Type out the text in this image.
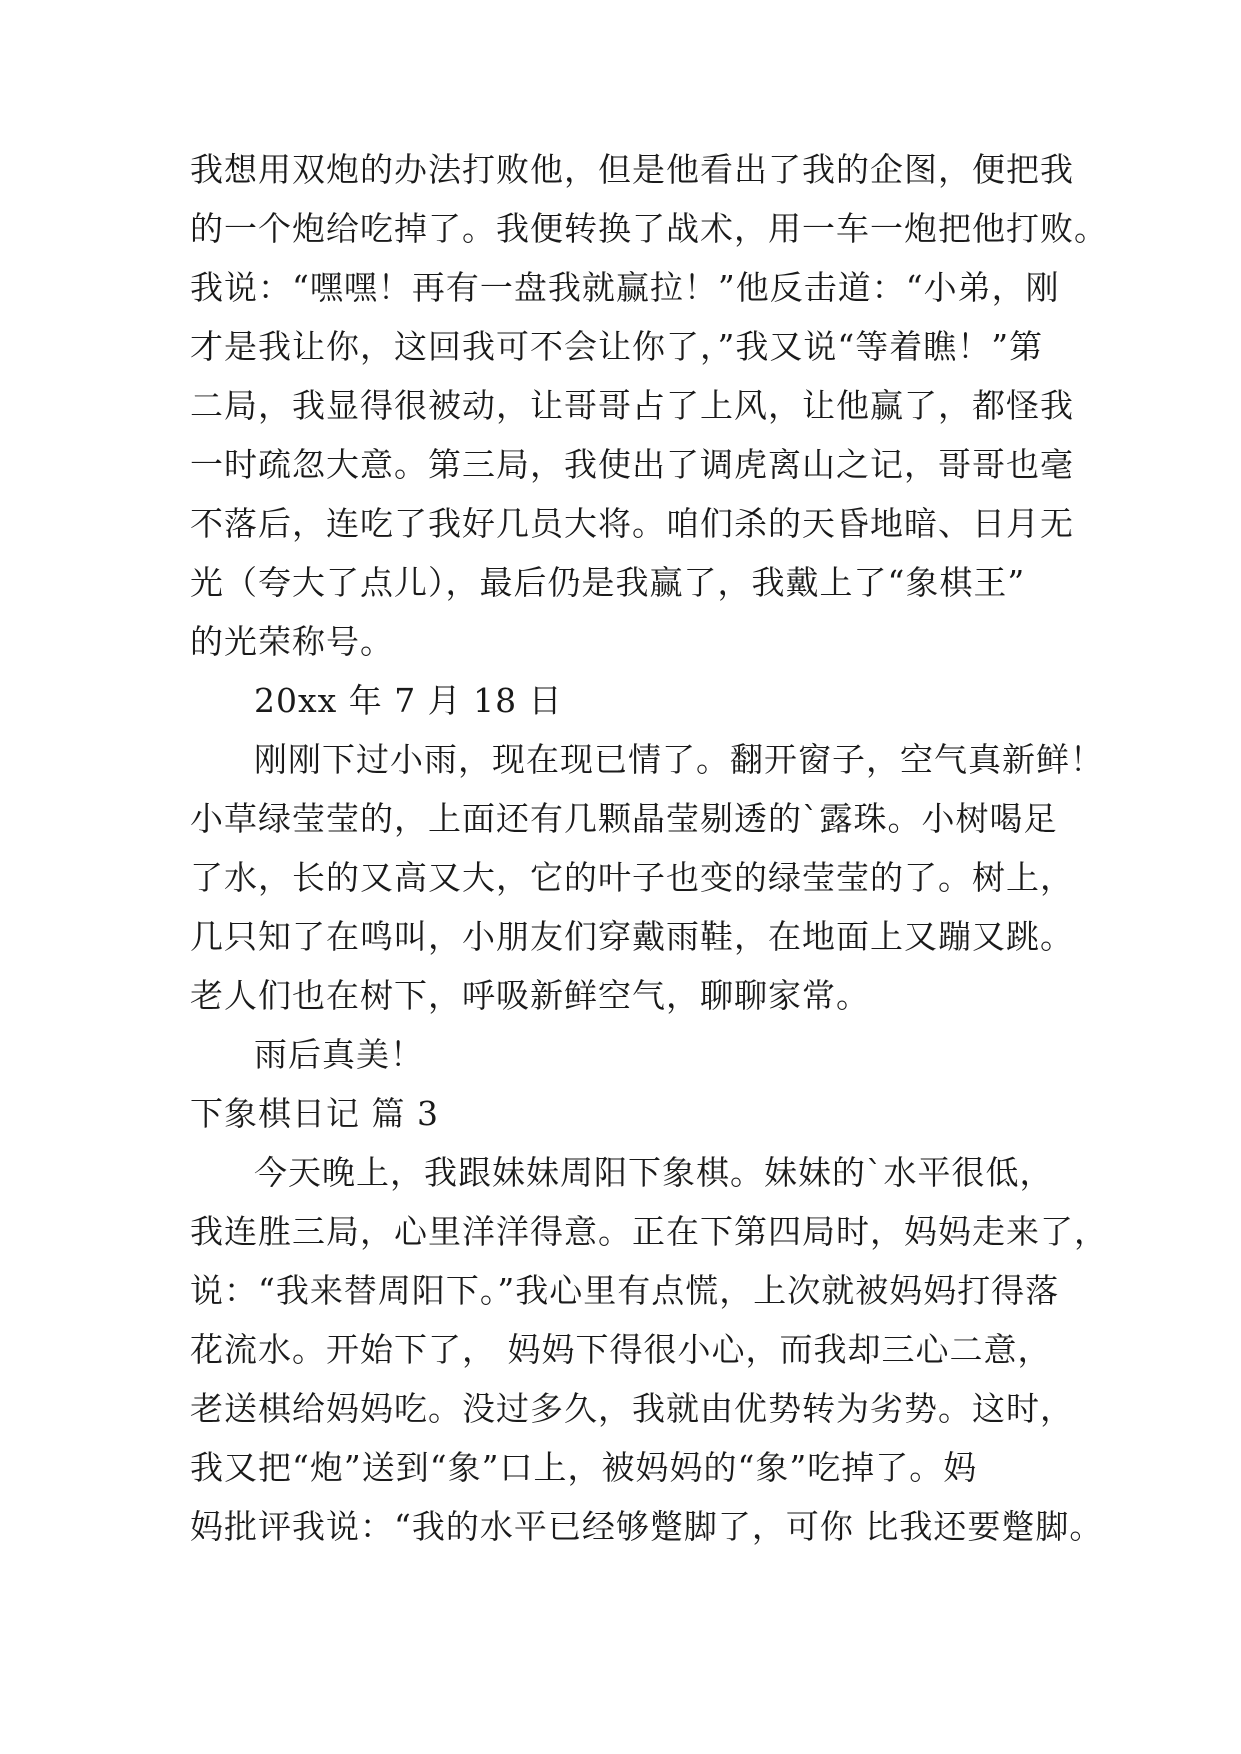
我想用双炮的办法打败他，但是他看出了我的企图，便把我
的一个炮给吃掉了。我便转换了战术，用一车一炮把他打败。
我说：“嘿嘿！再有一盘我就赢拉！”他反击道：“小弟，刚
才是我让你，这回我可不会让你了，”我又说“等着瞧！”第
二局，我显得很被动，让哥哥占了上风，让他赢了，都怪我
一时疏忽大意。第三局，我使出了调虎离山之记，哥哥也毫
不落后，连吃了我好几员大将。咱们杀的天昏地暗、日月无
光（夸大了点儿），最后仍是我赢了，我戴上了“象棋王”
的光荣称号。
20xx 年 7 月 18 日
刚刚下过小雨，现在现已情了。翻开窗子，空气真新鲜！
小草绿莹莹的，上面还有几颗晶莹剔透的`露珠。小树喝足
了水，长的又高又大，它的叶子也变的绿莹莹的了。树上，
几只知了在鸣叫，小朋友们穿戴雨鞋，在地面上又蹦又跳。
老人们也在树下，呼吸新鲜空气，聊聊家常。
雨后真美！
下象棋日记 篇 3
今天晚上，我跟妹妹周阳下象棋。妹妹的`水平很低，
我连胜三局，心里洋洋得意。正在下第四局时，妈妈走来了，
说：“我来替周阳下。”我心里有点慌，上次就被妈妈打得落
花流水。开始下了， 妈妈下得很小心，而我却三心二意，
老送棋给妈妈吃。没过多久，我就由优势转为劣势。这时，
我又把“炮”送到“象”口上，被妈妈的“象”吃掉了。妈
妈批评我说：“我的水平已经够蹩脚了，可你 比我还要蹩脚。
